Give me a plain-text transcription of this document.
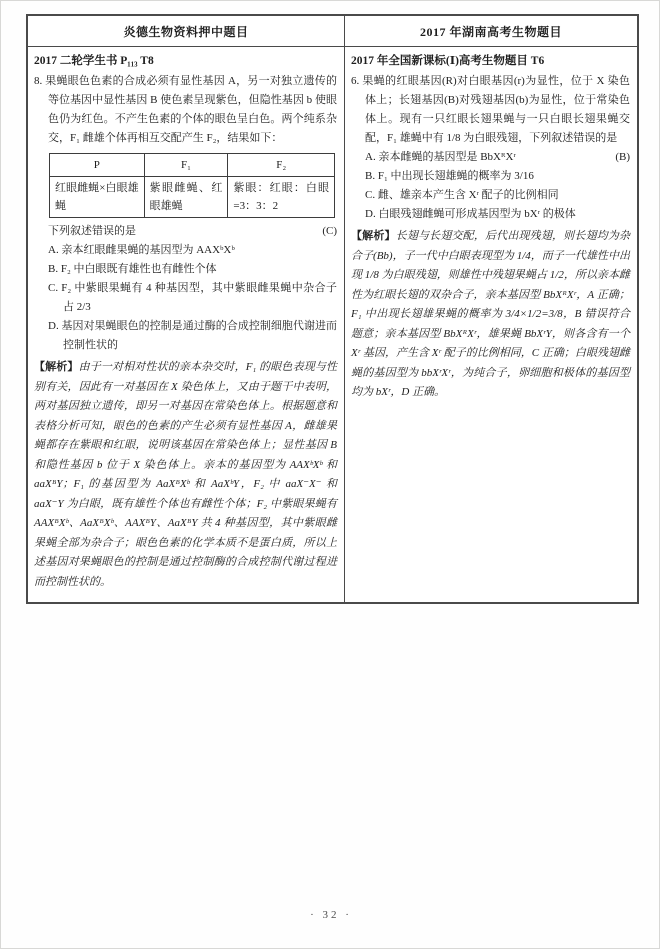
炎德生物资料押中题目	2017 年湖南高考生物题目
2017 二轮学生书 P₁₁₃ T8
8. 果蝇眼色色素的合成必须有显性基因 A，另一对独立遗传的等位基因中显性基因 B 使色素呈现紫色，但隐性基因 b 使眼色仍为红色。不产生色素的个体的眼色呈白色。两个纯系杂交，F₁ 雌雄个体再相互交配产生 F₂，结果如下：
P	F₁	F₂
红眼雌蝇×白眼雄蝇	紫眼雌蝇、红眼雄蝇	紫眼：红眼：白眼=3：3：2
(C)
下列叙述错误的是
A. 亲本红眼雌果蝇的基因型为 AAXᵇXᵇ
B. F₂ 中白眼既有雄性也有雌性个体
C. F₂ 中紫眼果蝇有 4 种基因型，其中紫眼雌果蝇中杂合子占 2/3
D. 基因对果蝇眼色的控制是通过酶的合成控制细胞代谢进而控制性状的
【解析】由于一对相对性状的亲本杂交时，F₁ 的眼色表现与性别有关，因此有一对基因在 X 染色体上，又由于题干中表明，两对基因独立遗传，即另一对基因在常染色体上。根据题意和表格分析可知，眼色的色素的产生必须有显性基因 A，雌雄果蝇都存在紫眼和红眼，说明该基因在常染色体上；显性基因 B 和隐性基因 b 位于 X 染色体上。亲本的基因型为 AAXᵇXᵇ 和 aaXᴮY；F₁ 的基因型为 AaXᴮXᵇ 和 AaXᵇY，F₂ 中 aaX⁻X⁻ 和 aaX⁻Y 为白眼，既有雄性个体也有雌性个体；F₂ 中紫眼果蝇有 AAXᴮXᵇ、AaXᴮXᵇ、AAXᴮY、AaXᴮY 共 4 种基因型，其中紫眼雌果蝇全部为杂合子；眼色色素的化学本质不是蛋白质，所以上述基因对果蝇眼色的控制是通过控制酶的合成控制代谢过程进而控制性状的。
2017 年全国新课标(Ⅰ)高考生物题目 T6
6. 果蝇的红眼基因(R)对白眼基因(r)为显性，位于 X 染色体上；长翅基因(B)对残翅基因(b)为显性，位于常染色体上。现有一只红眼长翅果蝇与一只白眼长翅果蝇交配，F₁ 雄蝇中有 1/8 为白眼残翅，下列叙述错误的是
(B)
A. 亲本雌蝇的基因型是 BbXᴿXʳ
B. F₁ 中出现长翅雄蝇的概率为 3/16
C. 雌、雄亲本产生含 Xʳ 配子的比例相同
D. 白眼残翅雌蝇可形成基因型为 bXʳ 的极体
【解析】长翅与长翅交配，后代出现残翅，则长翅均为杂合子(Bb)，子一代中白眼表现型为 1/4，而子一代雄性中出现 1/8 为白眼残翅，则雄性中残翅果蝇占 1/2，所以亲本雌性为红眼长翅的双杂合子，亲本基因型 BbXᴿXʳ，A 正确；F₁ 中出现长翅雄果蝇的概率为 3/4×1/2=3/8，B 错误符合题意；亲本基因型 BbXᴿXʳ，雄果蝇 BbXʳY，则各含有一个 Xʳ 基因，产生含 Xʳ 配子的比例相同，C 正确；白眼残翅雌蝇的基因型为 bbXʳXʳ，为纯合子，卵细胞和极体的基因型均为 bXʳ，D 正确。
· 32 ·
